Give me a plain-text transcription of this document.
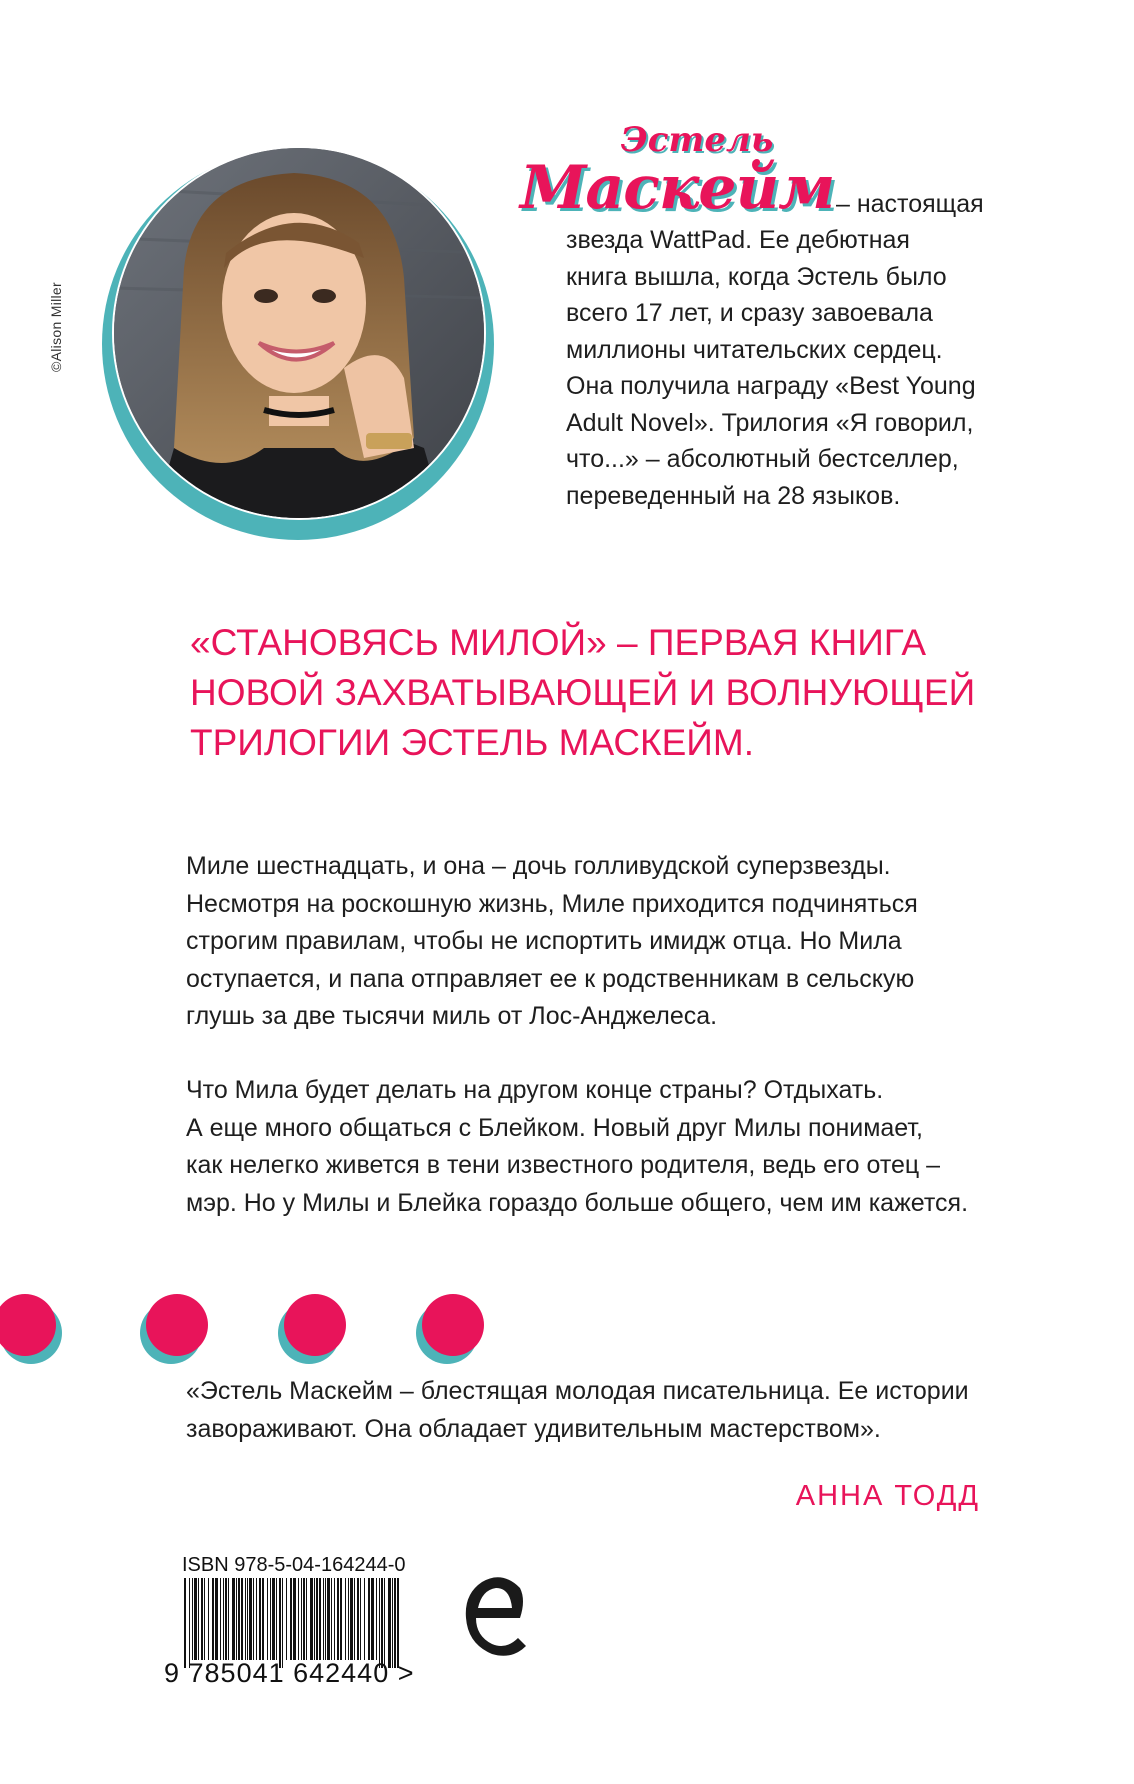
©Alison Miller
Эстель
Маскейм – настоящая
звезда WattPad. Ее дебютная
книга вышла, когда Эстель было
всего 17 лет, и сразу завоевала
миллионы читательских сердец.
Она получила награду «Best Young
Adult Novel». Трилогия «Я говорил,
что...» – абсолютный бестселлер,
переведенный на 28 языков.
«СТАНОВЯСЬ МИЛОЙ» – ПЕРВАЯ КНИГА
НОВОЙ ЗАХВАТЫВАЮЩЕЙ И ВОЛНУЮЩЕЙ
ТРИЛОГИИ ЭСТЕЛЬ МАСКЕЙМ.
Миле шестнадцать, и она – дочь голливудской суперзвезды.
Несмотря на роскошную жизнь, Миле приходится подчиняться
строгим правилам, чтобы не испортить имидж отца. Но Мила
оступается, и папа отправляет ее к родственникам в сельскую
глушь за две тысячи миль от Лос-Анджелеса.
Что Мила будет делать на другом конце страны? Отдыхать.
А еще много общаться с Блейком. Новый друг Милы понимает,
как нелегко живется в тени известного родителя, ведь его отец –
мэр. Но у Милы и Блейка гораздо больше общего, чем им кажется.
«Эстель Маскейм – блестящая молодая писательница. Ее истории
завораживают. Она обладает удивительным мастерством».
АННА ТОДД
ISBN 978-5-04-164244-0
9 785041 642440 >
